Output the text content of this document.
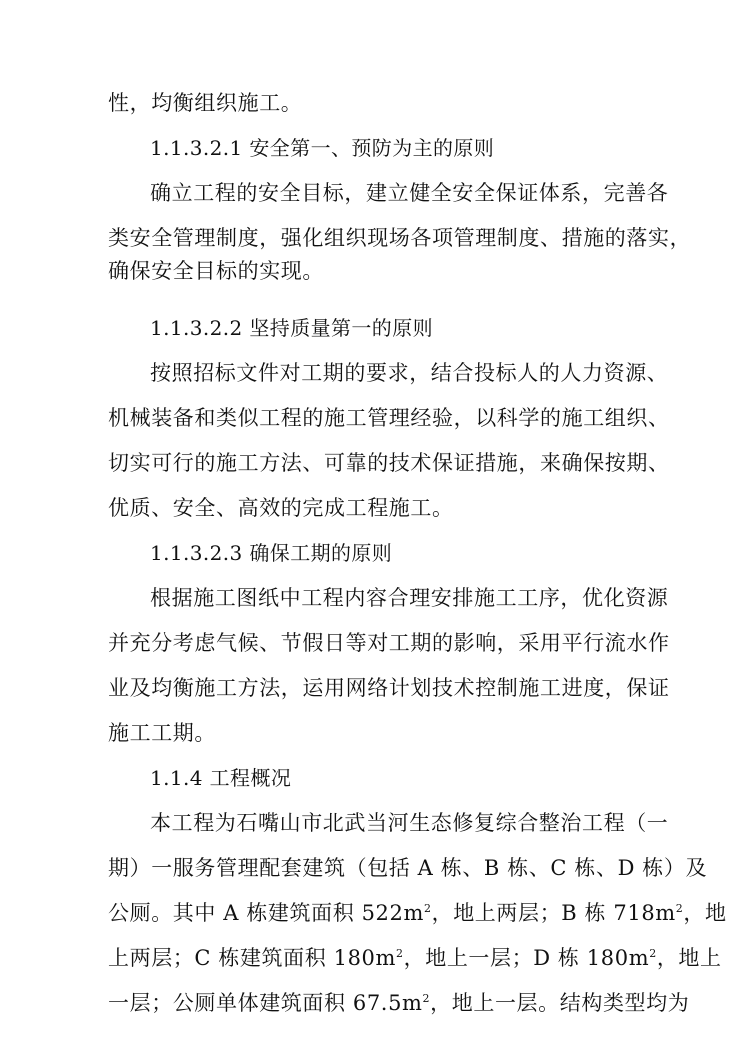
性，均衡组织施工。
1.1.3.2.1 安全第一、预防为主的原则
确立工程的安全目标，建立健全安全保证体系，完善各
类安全管理制度，强化组织现场各项管理制度、措施的落实，
确保安全目标的实现。
1.1.3.2.2 坚持质量第一的原则
按照招标文件对工期的要求，结合投标人的人力资源、
机械装备和类似工程的施工管理经验，以科学的施工组织、
切实可行的施工方法、可靠的技术保证措施，来确保按期、
优质、安全、高效的完成工程施工。
1.1.3.2.3 确保工期的原则
根据施工图纸中工程内容合理安排施工工序，优化资源
并充分考虑气候、节假日等对工期的影响，采用平行流水作
业及均衡施工方法，运用网络计划技术控制施工进度，保证
施工工期。
1.1.4 工程概况
本工程为石嘴山市北武当河生态修复综合整治工程（一
期）一服务管理配套建筑（包括 A 栋、B 栋、C 栋、D 栋）及
公厕。其中 A 栋建筑面积 $522m^2$，地上两层；B 栋 $718m^2$，地
上两层；C 栋建筑面积 $180m^2$，地上一层；D 栋 $180m^2$，地上
一层；公厕单体建筑面积 $67.5m^2$，地上一层。结构类型均为
